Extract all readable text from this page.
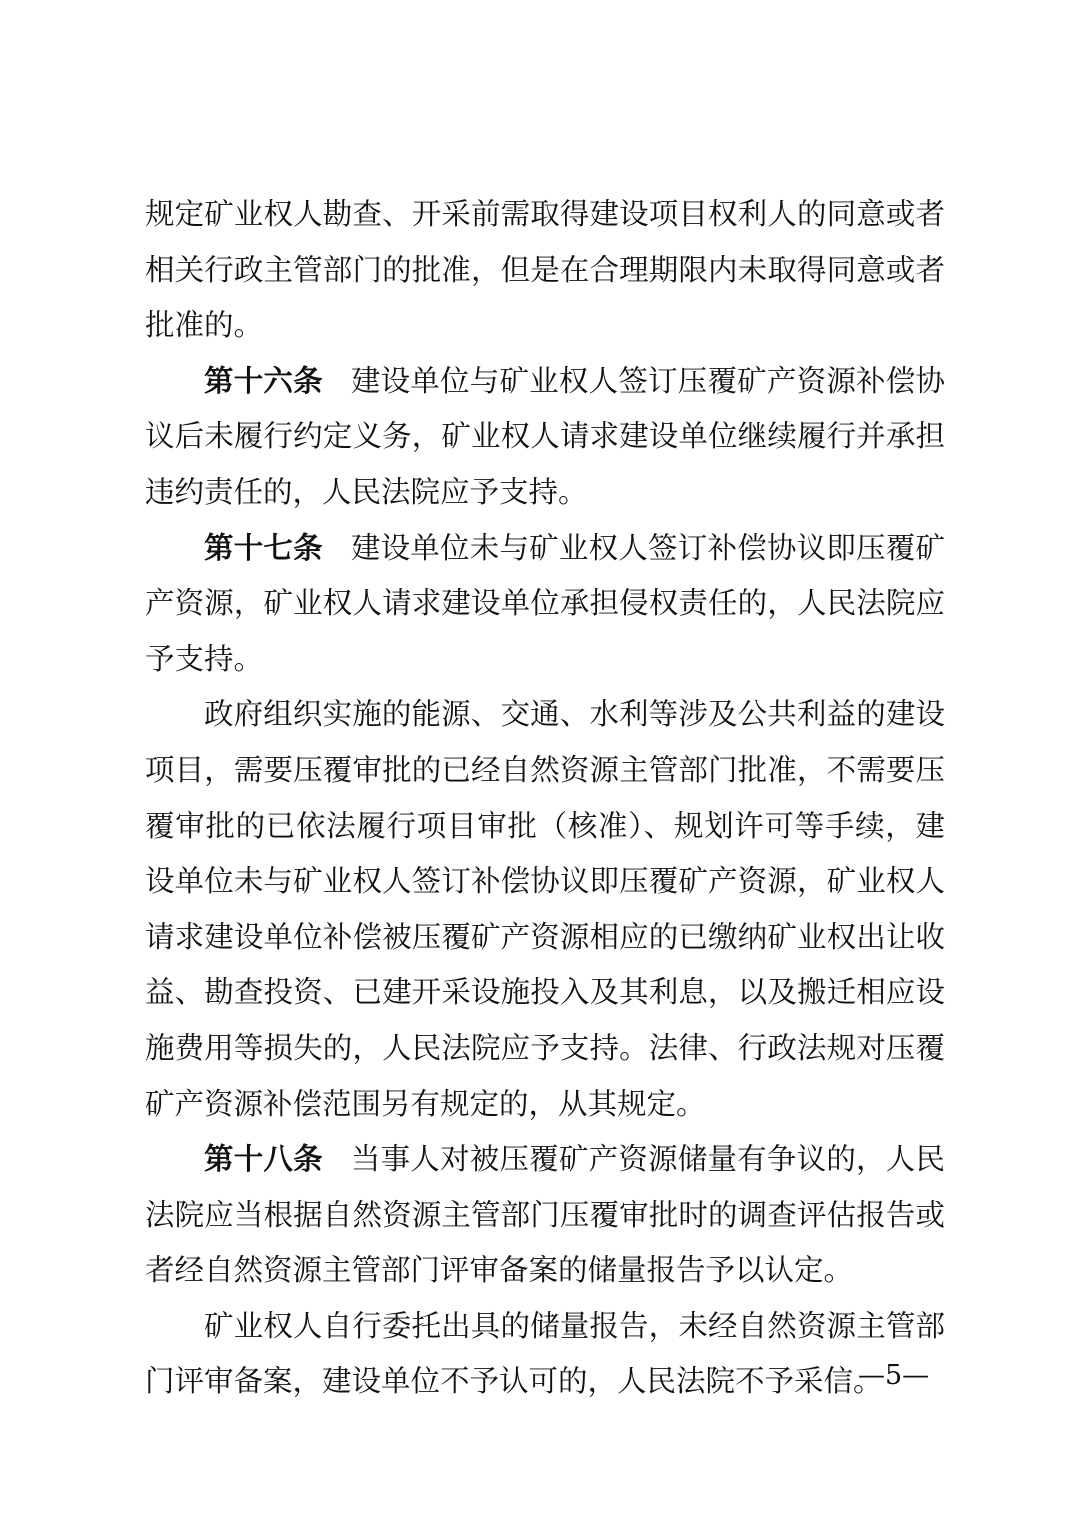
规定矿业权人勘查、开采前需取得建设项目权利人的同意或者相关行政主管部门的批准，但是在合理期限内未取得同意或者批准的。

第十六条 建设单位与矿业权人签订压覆矿产资源补偿协议后未履行约定义务，矿业权人请求建设单位继续履行并承担违约责任的，人民法院应予支持。

第十七条 建设单位未与矿业权人签订补偿协议即压覆矿产资源，矿业权人请求建设单位承担侵权责任的，人民法院应予支持。

政府组织实施的能源、交通、水利等涉及公共利益的建设项目，需要压覆审批的已经自然资源主管部门批准，不需要压覆审批的已依法履行项目审批（核准）、规划许可等手续，建设单位未与矿业权人签订补偿协议即压覆矿产资源，矿业权人请求建设单位补偿被压覆矿产资源相应的已缴纳矿业权出让收益、勘查投资、已建开采设施投入及其利息，以及搬迁相应设施费用等损失的，人民法院应予支持。法律、行政法规对压覆矿产资源补偿范围另有规定的，从其规定。

第十八条 当事人对被压覆矿产资源储量有争议的，人民法院应当根据自然资源主管部门压覆审批时的调查评估报告或者经自然资源主管部门评审备案的储量报告予以认定。

矿业权人自行委托出具的储量报告，未经自然资源主管部门评审备案，建设单位不予认可的，人民法院不予采信。

—5—
